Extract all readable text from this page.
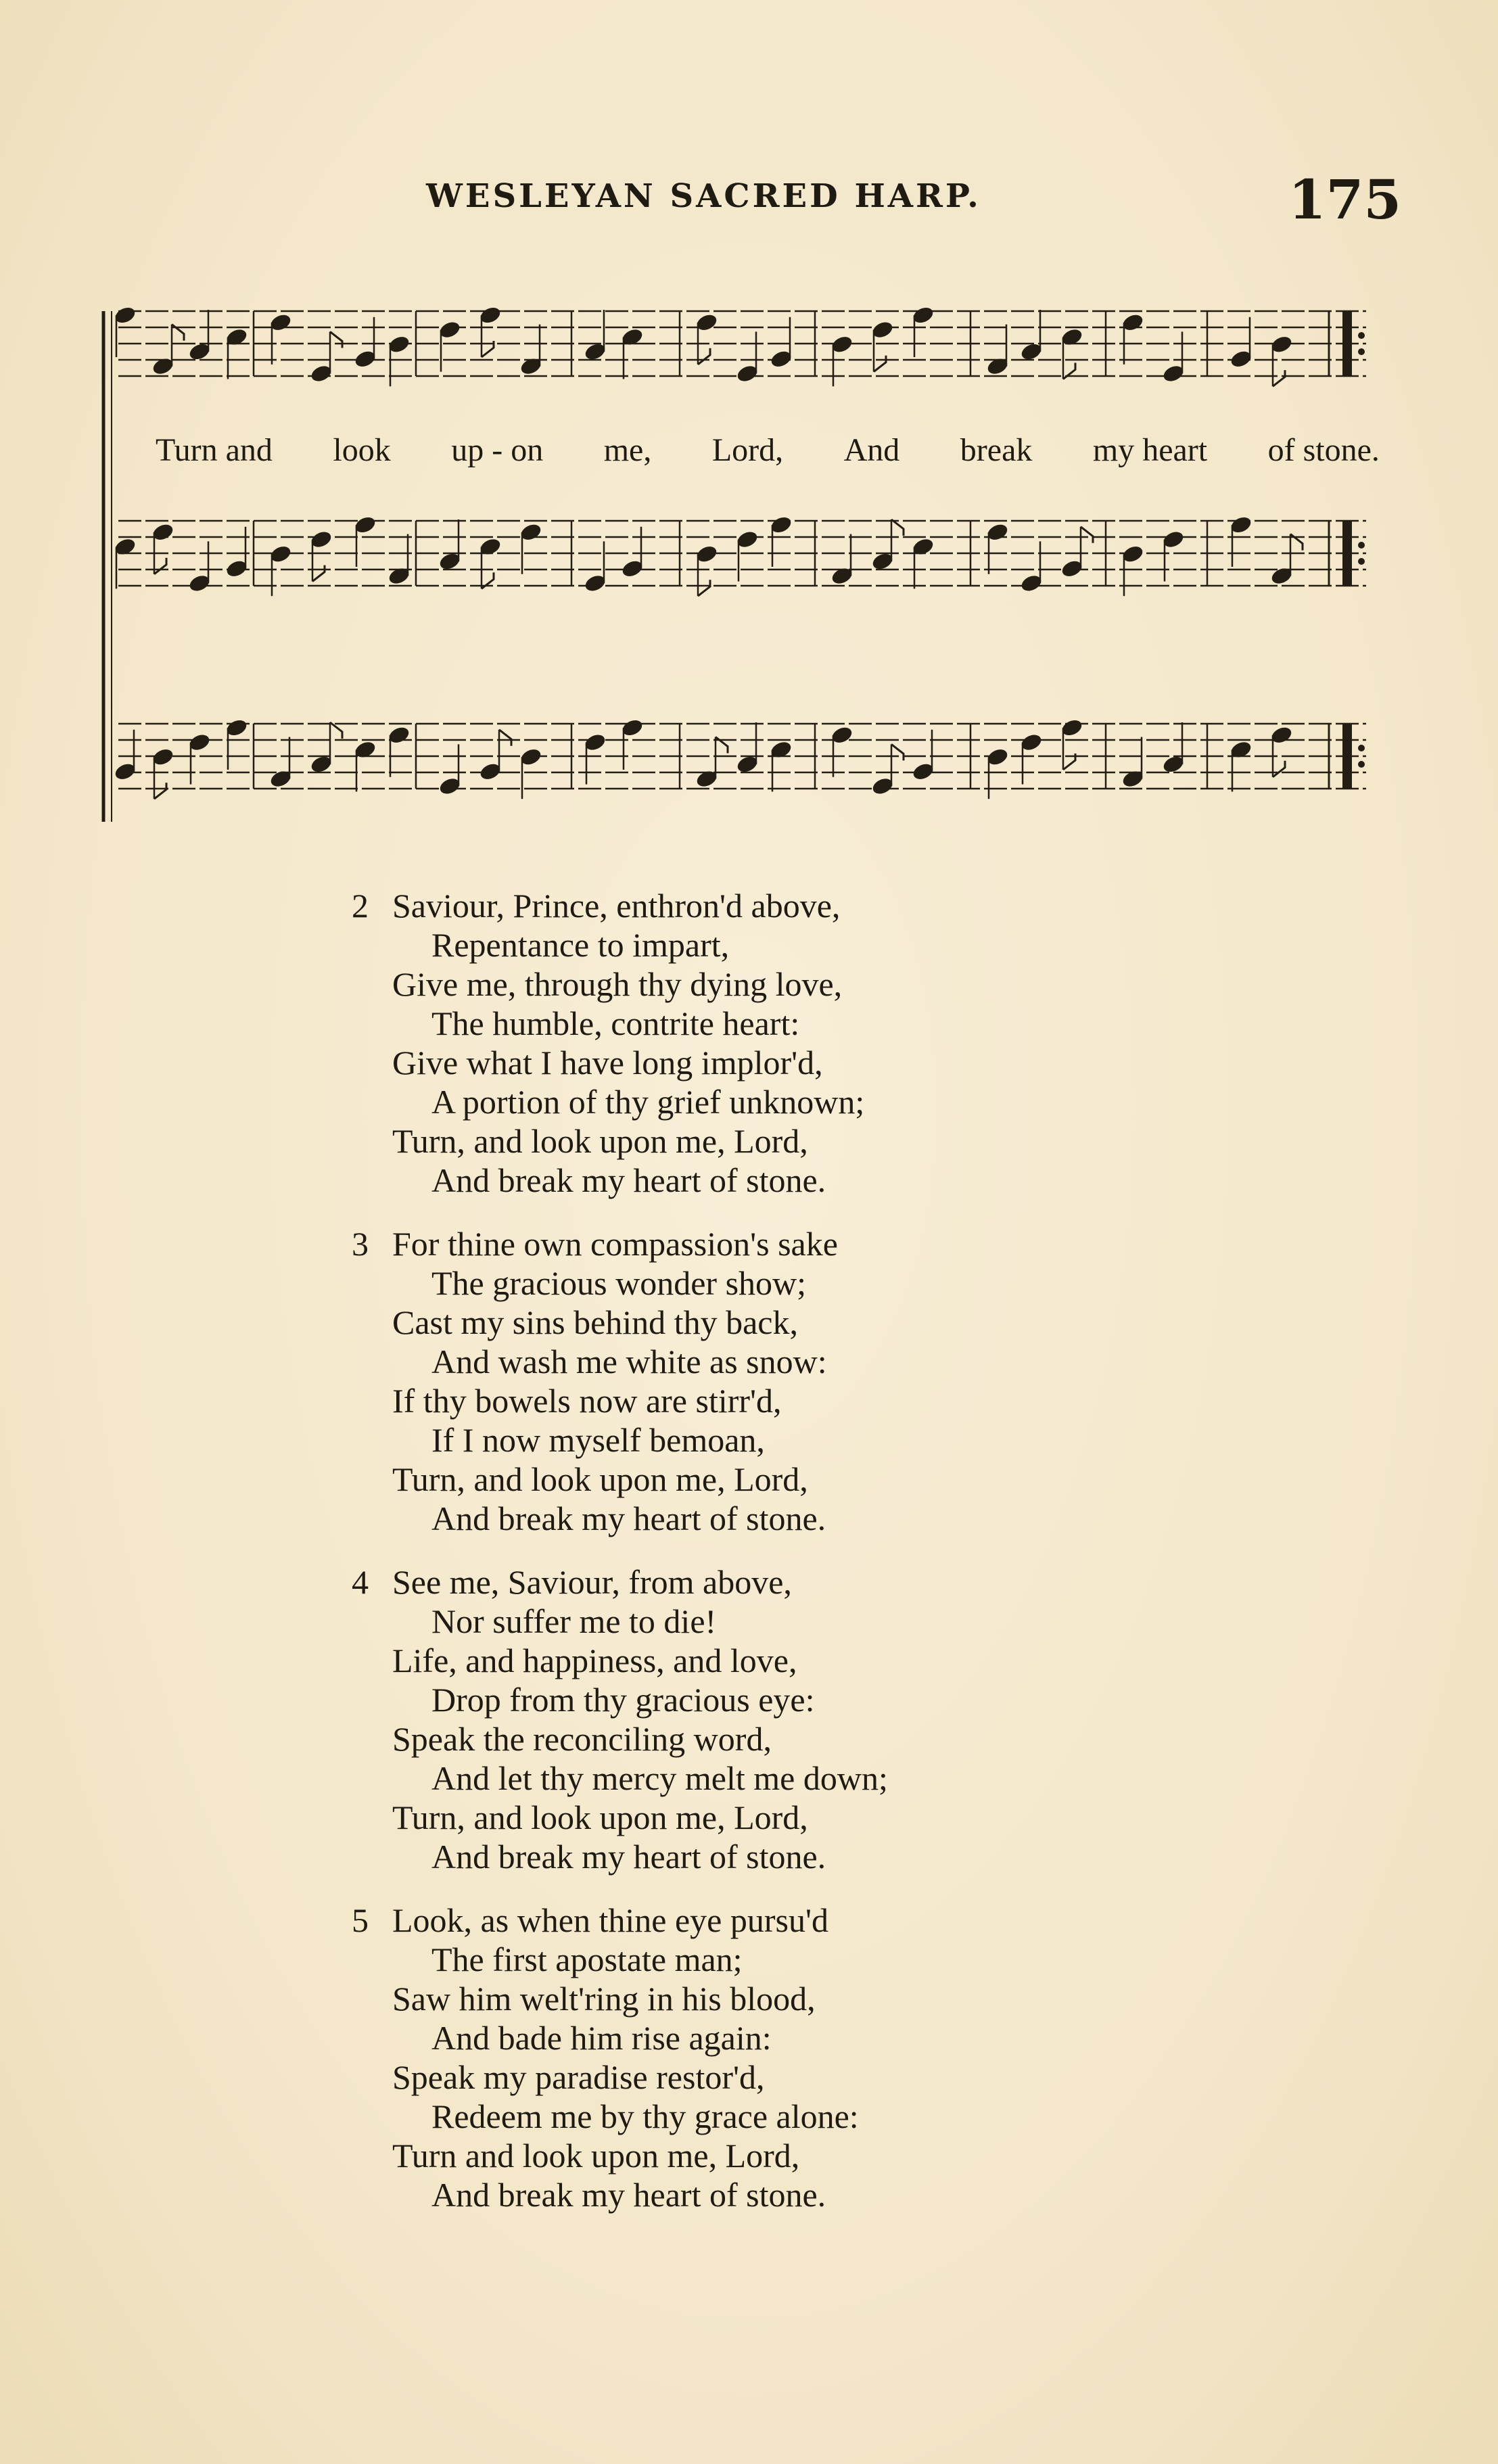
WESLEYAN SACRED HARP.	175
Turn and look up - on me, Lord, And break my heart of stone.
2 Saviour, Prince, enthron'd above,
Repentance to impart,
Give me, through thy dying love,
The humble, contrite heart:
Give what I have long implor'd,
A portion of thy grief unknown;
Turn, and look upon me, Lord,
And break my heart of stone.
3 For thine own compassion's sake
The gracious wonder show;
Cast my sins behind thy back,
And wash me white as snow:
If thy bowels now are stirr'd,
If I now myself bemoan,
Turn, and look upon me, Lord,
And break my heart of stone.
4 See me, Saviour, from above,
Nor suffer me to die!
Life, and happiness, and love,
Drop from thy gracious eye:
Speak the reconciling word,
And let thy mercy melt me down;
Turn, and look upon me, Lord,
And break my heart of stone.
5 Look, as when thine eye pursu'd
The first apostate man;
Saw him welt'ring in his blood,
And bade him rise again:
Speak my paradise restor'd,
Redeem me by thy grace alone:
Turn and look upon me, Lord,
And break my heart of stone.
